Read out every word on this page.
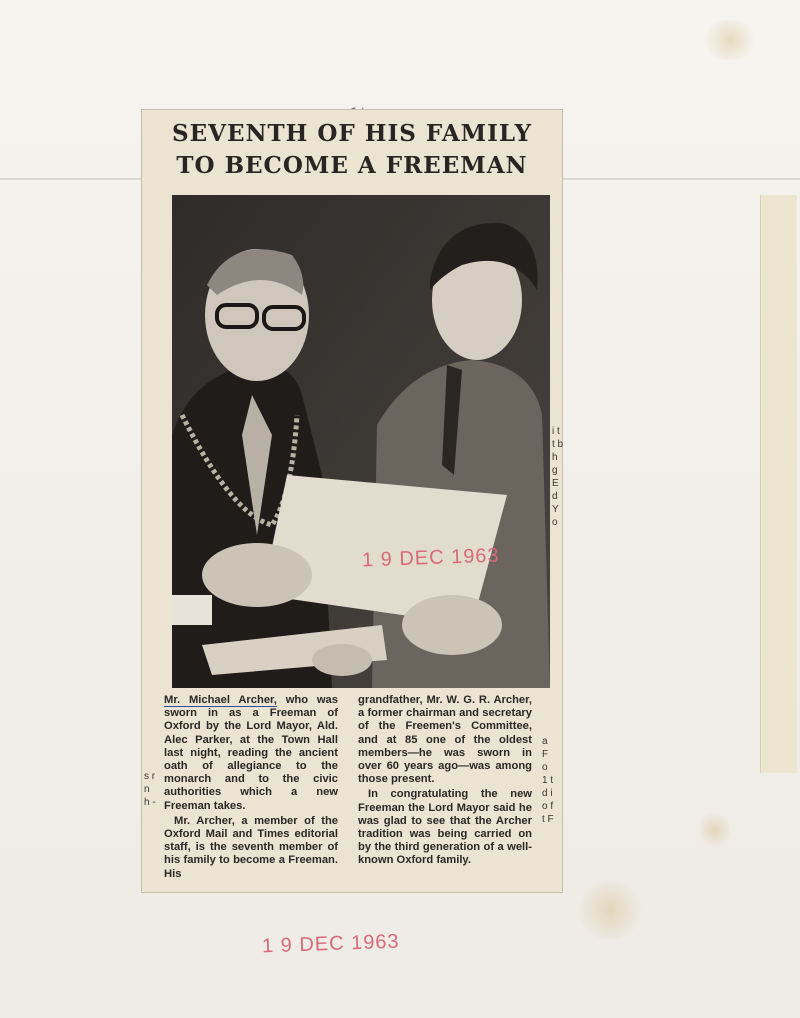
SEVENTH OF HIS FAMILY
TO BECOME A FREEMAN
1 9 DEC 1963

Mr. Michael Archer, who was sworn in as a Freeman of Oxford by the Lord Mayor, Ald. Alec Parker, at the Town Hall last night, reading the ancient oath of allegiance to the monarch and to the civic authorities which a new Freeman takes.

Mr. Archer, a member of the Oxford Mail and Times editorial staff, is the seventh member of his family to become a Freeman. His

grandfather, Mr. W. G. R. Archer, a former chairman and secretary of the Freemen's Committee, and at 85 one of the oldest members—he was sworn in over 60 years ago—was among those present.

In congratulating the new Freeman the Lord Mayor said he was glad to see that the Archer tradition was being carried on by the third generation of a well-known Oxford family.

s r n h -
i t t b h g E d Y o
a F o 1 t d i o f t F
1 9 DEC 1963
